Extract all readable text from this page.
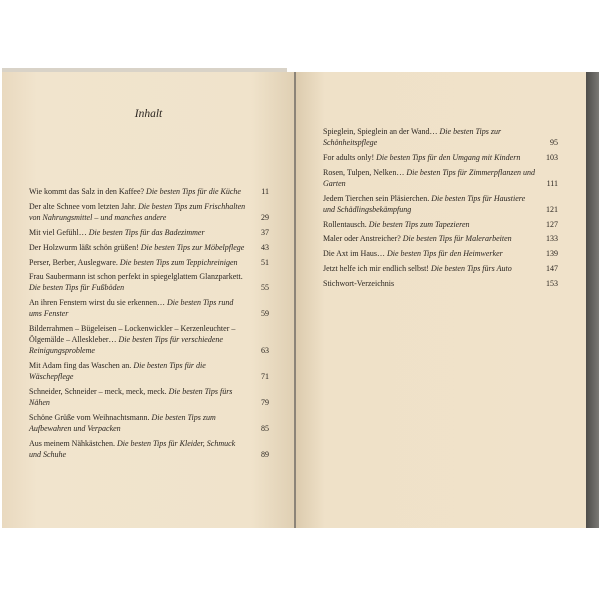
Inhalt
Wie kommt das Salz in den Kaffee? Die besten Tips für die Küche	11
Der alte Schnee vom letzten Jahr. Die besten Tips zum Frischhalten von Nahrungsmittel – und manches andere	29
Mit viel Gefühl… Die besten Tips für das Badezimmer	37
Der Holzwurm läßt schön grüßen! Die besten Tips zur Möbelpflege 43
Perser, Berber, Auslegware. Die besten Tips zum Teppichreinigen	51
Frau Saubermann ist schon perfekt in spiegelglattem Glanzparkett. Die besten Tips für Fußböden	55
An ihren Fenstern wirst du sie erkennen… Die besten Tips rund ums Fenster	59
Bilderrahmen – Bügeleisen – Lockenwickler – Kerzenleuchter – Ölgemälde – Alleskleber… Die besten Tips für verschiedene Reinigungsprobleme	63
Mit Adam fing das Waschen an. Die besten Tips für die Wäschepflege	71
Schneider, Schneider – meck, meck, meck. Die besten Tips fürs Nähen	79
Schöne Grüße vom Weihnachtsmann. Die besten Tips zum Aufbewahren und Verpacken	85
Aus meinem Nähkästchen. Die besten Tips für Kleider, Schmuck und Schuhe	89
Spieglein, Spieglein an der Wand… Die besten Tips zur Schönheitspflege	95
For adults only! Die besten Tips für den Umgang mit Kindern	103
Rosen, Tulpen, Nelken… Die besten Tips für Zimmerpflanzen und Garten	111
Jedem Tierchen sein Pläsierchen. Die besten Tips für Haustiere und Schädlingsbekämpfung	121
Rollentausch. Die besten Tips zum Tapezieren	127
Maler oder Anstreicher? Die besten Tips für Malerarbeiten	133
Die Axt im Haus… Die besten Tips für den Heimwerker	139
Jetzt helfe ich mir endlich selbst! Die besten Tips fürs Auto	147
Stichwort-Verzeichnis	153
